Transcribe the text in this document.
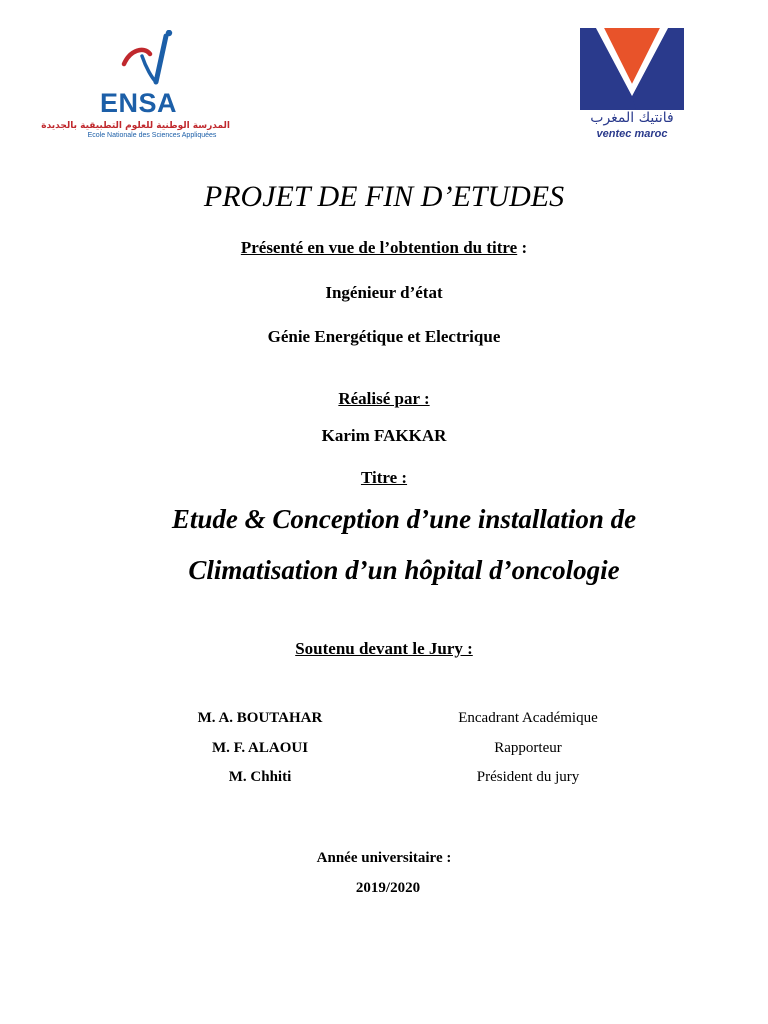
ENSA
المدرسة الوطنية للعلوم التطبيقية بالجديدة
Ecole Nationale des Sciences Appliquées
فانتيك المغرب
ventec maroc
PROJET DE FIN D’ETUDES
Présenté en vue de l’obtention du titre :
Ingénieur d’état
Génie Energétique et Electrique
Réalisé par :
Karim FAKKAR
Titre :
Etude & Conception d’une installation de
Climatisation d’un hôpital d’oncologie
Soutenu devant le Jury :
M. A. BOUTAHAR	Encadrant Académique
M. F. ALAOUI	Rapporteur
M. Chhiti	Président du jury
Année universitaire :
2019/2020
